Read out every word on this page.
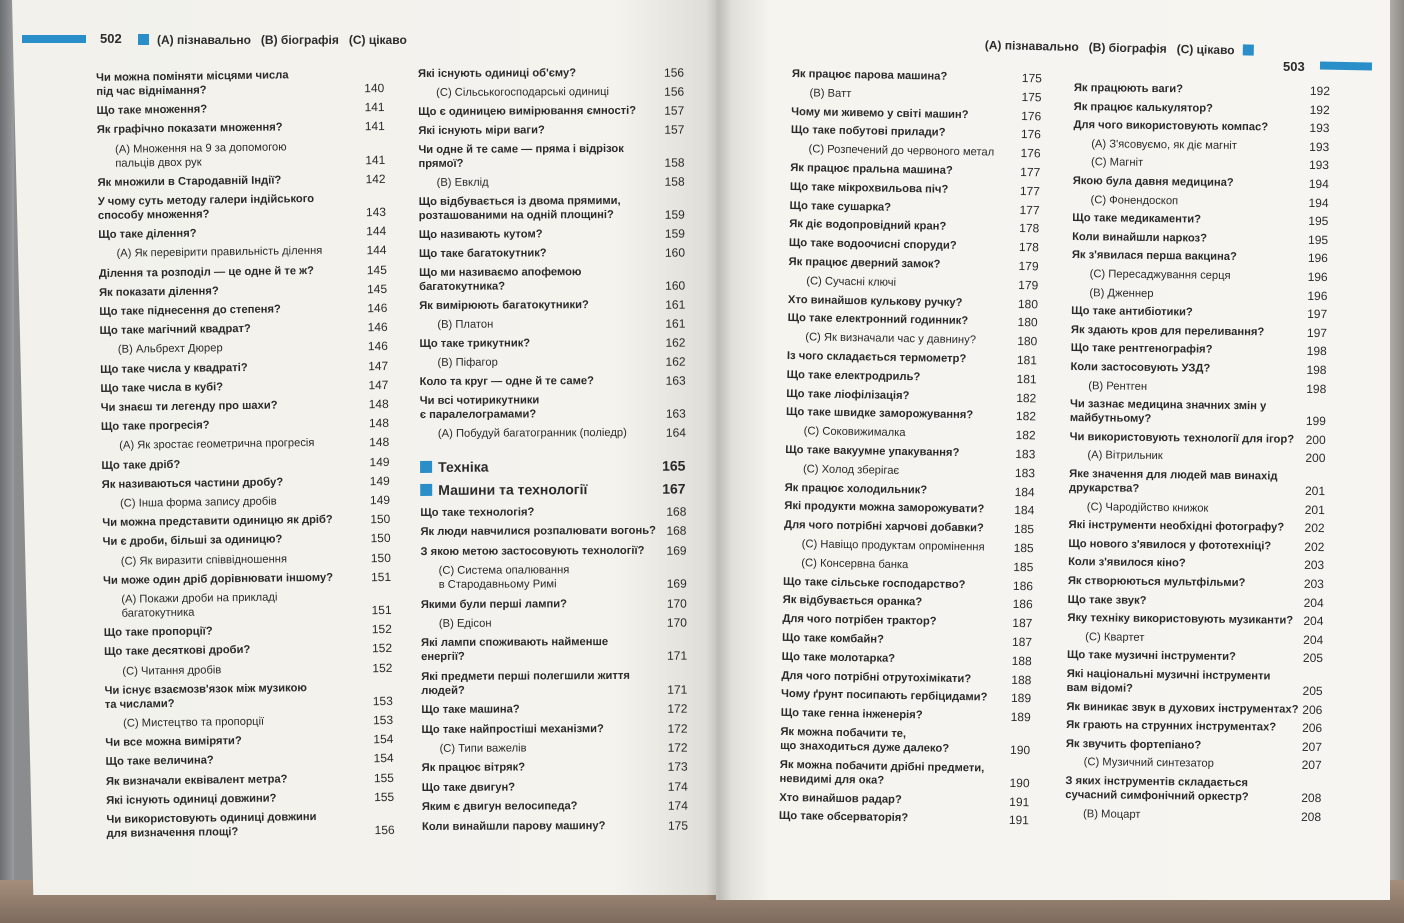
502	(А) пізнавально   (В) біографія   (С) цікаво	(А) пізнавально   (В) біографія   (С) цікаво
503
Чи можна поміняти місцями числа
під час віднімання?	140
Що таке множення?	141
Як графічно показати множення?	141
(А) Множення на 9 за допомогою
пальців двох рук	141
Як множили в Стародавній Індії?	142
У чому суть методу галери індійського
способу множення?	143
Що таке ділення?	144
(А) Як перевірити правильність ділення	144
Ділення та розподіл — це одне й те ж?	145
Як показати ділення?	145
Що таке піднесення до степеня?	146
Що таке магічний квадрат?	146
(В) Альбрехт Дюрер	146
Що таке числа у квадраті?	147
Що таке числа в кубі?	147
Чи знаєш ти легенду про шахи?	148
Що таке прогресія?	148
(А) Як зростає геометрична прогресія	148
Що таке дріб?	149
Як називаються частини дробу?	149
(С) Інша форма запису дробів	149
Чи можна представити одиницю як дріб?	150
Чи є дроби, більші за одиницю?	150
(С) Як виразити співвідношення	150
Чи може один дріб дорівнювати іншому?	151
(А) Покажи дроби на прикладі
багатокутника	151
Що таке пропорції?	152
Що таке десяткові дроби?	152
(С) Читання дробів	152
Чи існує взаємозв'язок між музикою
та числами?	153
(С) Мистецтво та пропорції	153
Чи все можна виміряти?	154
Що таке величина?	154
Як визначали еквівалент метра?	155
Які існують одиниці довжини?	155
Чи використовують одиниці довжини
для визначення площі?	156
Які існують одиниці об'єму?	156
(С) Сільськогосподарські одиниці	156
Що є одиницею вимірювання ємності? 157
Які існують міри ваги?	157
Чи одне й те саме — пряма і відрізок
прямої?	158
(В) Евклід	158
Що відбувається із двома прямими,
розташованими на одній площині?	159
Що називають кутом?	159
Що таке багатокутник?	160
Що ми називаємо апофемою
багатокутника?	160
Як вимірюють багатокутники?	161
(В) Платон	161
Що таке трикутник?	162
(В) Піфагор	162
Коло та круг — одне й те саме?	163
Чи всі чотирикутники
є паралелограмами?	163
(А) Побудуй багатогранник (поліедр)	164
Техніка	165
Машини та технології	167
Що таке технологія?	168
Як люди навчилися розпалювати вогонь? 168
З якою метою застосовують технології? 169
(С) Система опалювання
в Стародавньому Римі	169
Якими були перші лампи?	170
(В) Едісон	170
Які лампи споживають найменше
енергії?	171
Які предмети перші полегшили життя
людей?	171
Що таке машина?	172
Що таке найпростіші механізми?	172
(С) Типи важелів	172
Як працює вітряк?	173
Що таке двигун?	174
Яким є двигун велосипеда?	174
Коли винайшли парову машину?	175
Як працює парова машина?	175
(В) Ватт	175
Чому ми живемо у світі машин?	176
Що таке побутові прилади?	176
(С) Розпечений до червоного метал 176
Як працює пральна машина?	177
Що таке мікрохвильова піч?	177
Що таке сушарка?	177
Як діє водопровідний кран?	178
Що таке водоочисні споруди?	178
Як працює дверний замок?	179
(С) Сучасні ключі	179
Хто винайшов кулькову ручку?	180
Що таке електронний годинник?	180
(С) Як визначали час у давнину?	180
Із чого складається термометр?	181
Що таке електродриль?	181
Що таке ліофілізація?	182
Що таке швидке заморожування?	182
(С) Соковижималка	182
Що таке вакуумне упакування?	183
(С) Холод зберігає	183
Як працює холодильник?	184
Які продукти можна заморожувати? 184
Для чого потрібні харчові добавки? 185
(С) Навіщо продуктам опромінення 185
(С) Консервна банка	185
Що таке сільське господарство?	186
Як відбувається оранка?	186
Для чого потрібен трактор?	187
Що таке комбайн?	187
Що таке молотарка?	188
Для чого потрібні отрутохімікати?	188
Чому ґрунт посипають гербіцидами? 189
Що таке генна інженерія?	189
Як можна побачити те,
що знаходиться дуже далеко?	190
Як можна побачити дрібні предмети,
невидимі для ока?	190
Хто винайшов радар?	191
Що таке обсерваторія?	191
Як працюють ваги?	192
Як працює калькулятор?	192
Для чого використовують компас?	193
(А) З'ясовуємо, як діє магніт	193
(С) Магніт	193
Якою була давня медицина?	194
(С) Фонендоскоп	194
Що таке медикаменти?	195
Коли винайшли наркоз?	195
Як з'явилася перша вакцина?	196
(С) Пересаджування серця	196
(В) Дженнер	196
Що таке антибіотики?	197
Як здають кров для переливання?	197
Що таке рентгенографія?	198
Коли застосовують УЗД?	198
(В) Рентген	198
Чи зазнає медицина значних змін у
майбутньому?	199
Чи використовують технології для ігор? 200
(А) Вітрильник	200
Яке значення для людей мав винахід
друкарства?	201
(С) Чародійство книжок	201
Які інструменти необхідні фотографу? 202
Що нового з'явилося у фототехніці?	202
Коли з'явилося кіно?	203
Як створюються мультфільми?	203
Що таке звук?	204
Яку техніку використовують музиканти? 204
(С) Квартет	204
Що таке музичні інструменти?	205
Які національні музичні інструменти
вам відомі?	205
Як виникає звук в духових інструментах? 206
Як грають на струнних інструментах? 206
Як звучить фортепіано?	207
(С) Музичний синтезатор	207
З яких інструментів складається
сучасний симфонічний оркестр?	208
(В) Моцарт	208
